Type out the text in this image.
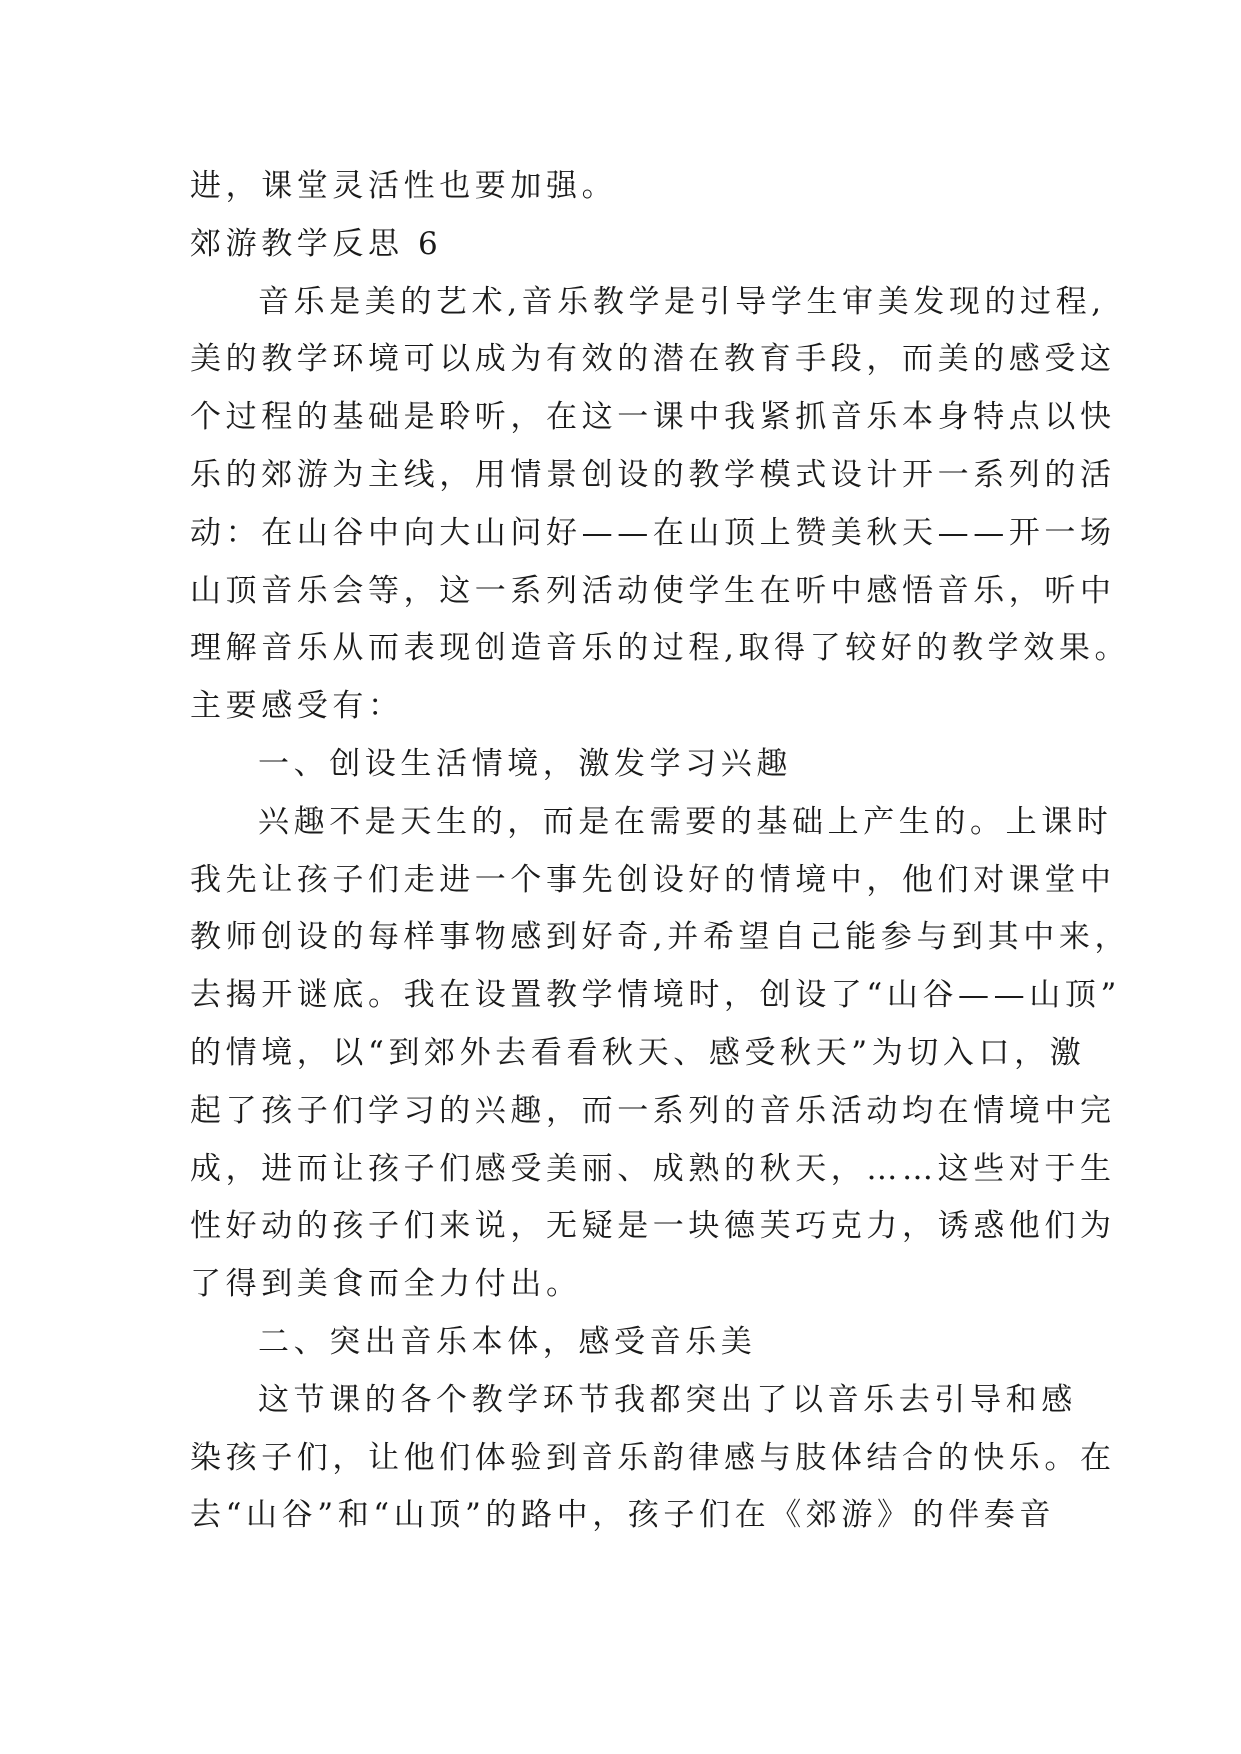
进，课堂灵活性也要加强。
郊游教学反思 6
音乐是美的艺术,音乐教学是引导学生审美发现的过程,
美的教学环境可以成为有效的潜在教育手段，而美的感受这
个过程的基础是聆听，在这一课中我紧抓音乐本身特点以快
乐的郊游为主线，用情景创设的教学模式设计开一系列的活
动：在山谷中向大山问好——在山顶上赞美秋天——开一场
山顶音乐会等，这一系列活动使学生在听中感悟音乐，听中
理解音乐从而表现创造音乐的过程,取得了较好的教学效果。
主要感受有：
一、创设生活情境，激发学习兴趣
兴趣不是天生的，而是在需要的基础上产生的。上课时
我先让孩子们走进一个事先创设好的情境中，他们对课堂中
教师创设的每样事物感到好奇,并希望自己能参与到其中来，
去揭开谜底。我在设置教学情境时，创设了“山谷——山顶”
的情境，以“到郊外去看看秋天、感受秋天”为切入口，激
起了孩子们学习的兴趣，而一系列的音乐活动均在情境中完
成，进而让孩子们感受美丽、成熟的秋天，……这些对于生
性好动的孩子们来说，无疑是一块德芙巧克力，诱惑他们为
了得到美食而全力付出。
二、突出音乐本体，感受音乐美
这节课的各个教学环节我都突出了以音乐去引导和感
染孩子们，让他们体验到音乐韵律感与肢体结合的快乐。在
去“山谷”和“山顶”的路中，孩子们在《郊游》的伴奏音
